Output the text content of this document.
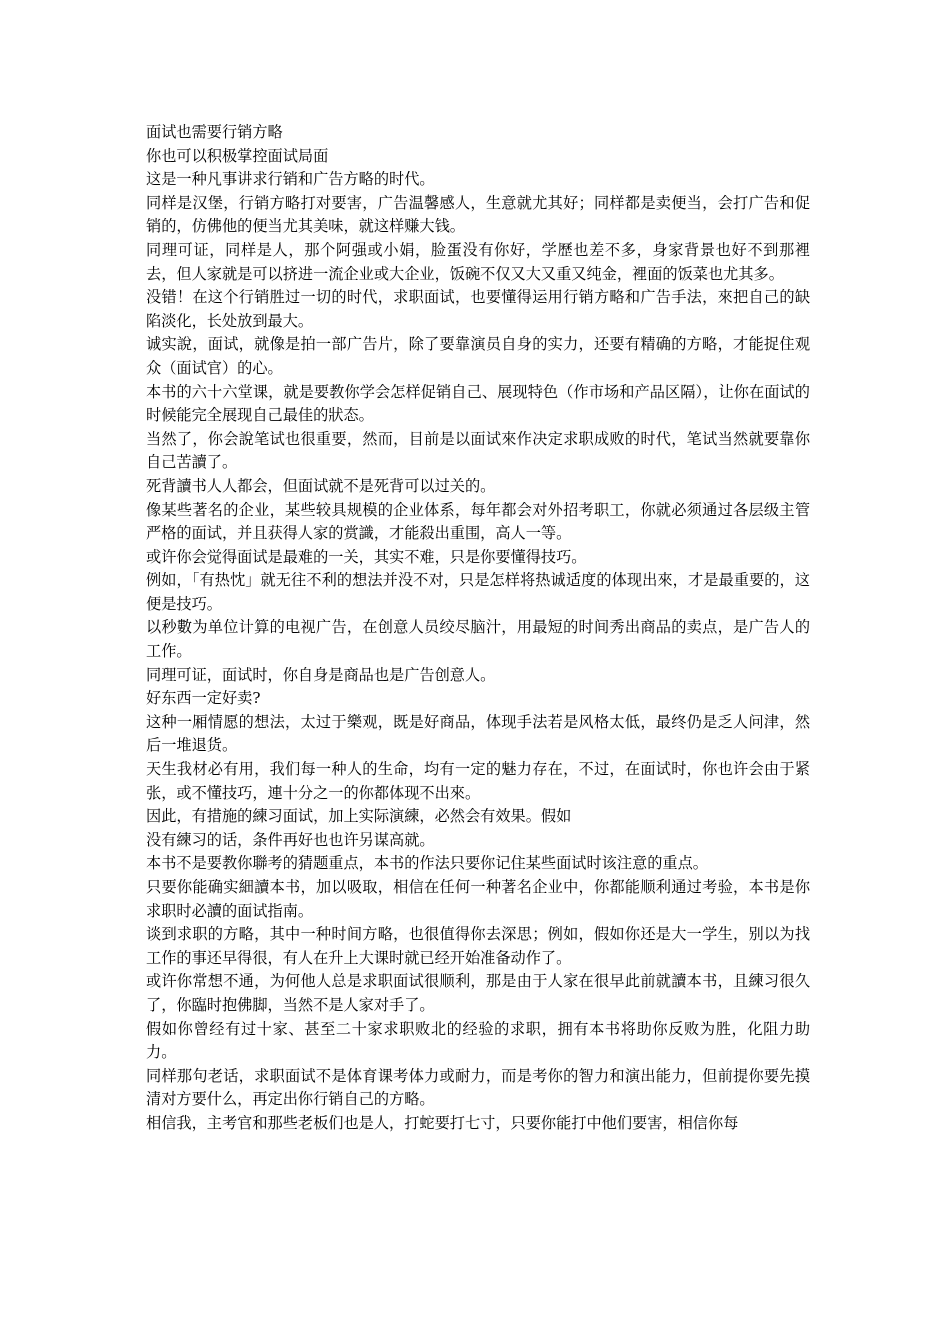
面试也需要行销方略

你也可以积极掌控面试局面

这是一种凡事讲求行销和广告方略的时代。

同样是汉堡，行销方略打对要害，广告温馨感人，生意就尤其好；同样都是卖便当，会打广告和促销的，仿佛他的便当尤其美味，就这样赚大钱。

同理可证，同样是人，那个阿强或小娟，脸蛋没有你好，学歷也差不多，身家背景也好不到那裡去，但人家就是可以挤进一流企业或大企业，饭碗不仅又大又重又纯金，裡面的饭菜也尤其多。

没错！在这个行销胜过一切的时代，求职面试，也要懂得运用行销方略和广告手法，來把自己的缺陷淡化，长处放到最大。

诚实說，面试，就像是拍一部广告片，除了要靠演员自身的实力，还要有精确的方略，才能捉住观众（面试官）的心。

本书的六十六堂课，就是要教你学会怎样促销自己、展现特色（作市场和产品区隔），让你在面试的时候能完全展现自己最佳的狀态。

当然了，你会說笔试也很重要，然而，目前是以面试來作决定求职成败的时代，笔试当然就要靠你自己苦讀了。

死背讀书人人都会，但面试就不是死背可以过关的。

像某些著名的企业，某些较具规模的企业体系，每年都会对外招考职工，你就必须通过各层级主管严格的面试，并且获得人家的赏識，才能殺出重围，高人一等。

或许你会觉得面试是最难的一关，其实不难，只是你要懂得技巧。

例如，「有热忱」就无往不利的想法并没不对，只是怎样将热诚适度的体现出來，才是最重要的，这便是技巧。

以秒數为单位计算的电视广告，在创意人员绞尽脑汁，用最短的时间秀出商品的卖点，是广告人的工作。

同理可证，面试时，你自身是商品也是广告创意人。

好东西一定好卖?

这种一厢情愿的想法，太过于樂观，既是好商品，体现手法若是风格太低，最终仍是乏人问津，然后一堆退货。

天生我材必有用，我们每一种人的生命，均有一定的魅力存在，不过，在面试时，你也许会由于紧张，或不懂技巧，連十分之一的你都体现不出來。

因此，有措施的練习面试，加上实际演練，必然会有效果。假如

没有練习的话，条件再好也也许另谋高就。

本书不是要教你聯考的猜题重点，本书的作法只要你记住某些面试时该注意的重点。

只要你能确实細讀本书，加以吸取，相信在任何一种著名企业中，你都能顺利通过考验，本书是你求职时必讀的面试指南。

谈到求职的方略，其中一种时间方略，也很值得你去深思；例如，假如你还是大一学生，别以为找工作的事还早得很，有人在升上大课时就已经开始准备动作了。

或许你常想不通，为何他人总是求职面试很顺利，那是由于人家在很早此前就讀本书，且練习很久了，你臨时抱佛脚，当然不是人家对手了。

假如你曾经有过十家、甚至二十家求职败北的经验的求职，拥有本书将助你反败为胜，化阻力助力。

同样那句老话，求职面试不是体育课考体力或耐力，而是考你的智力和演出能力，但前提你要先摸清对方要什么，再定出你行销自己的方略。

相信我，主考官和那些老板们也是人，打蛇要打七寸，只要你能打中他们要害，相信你每
